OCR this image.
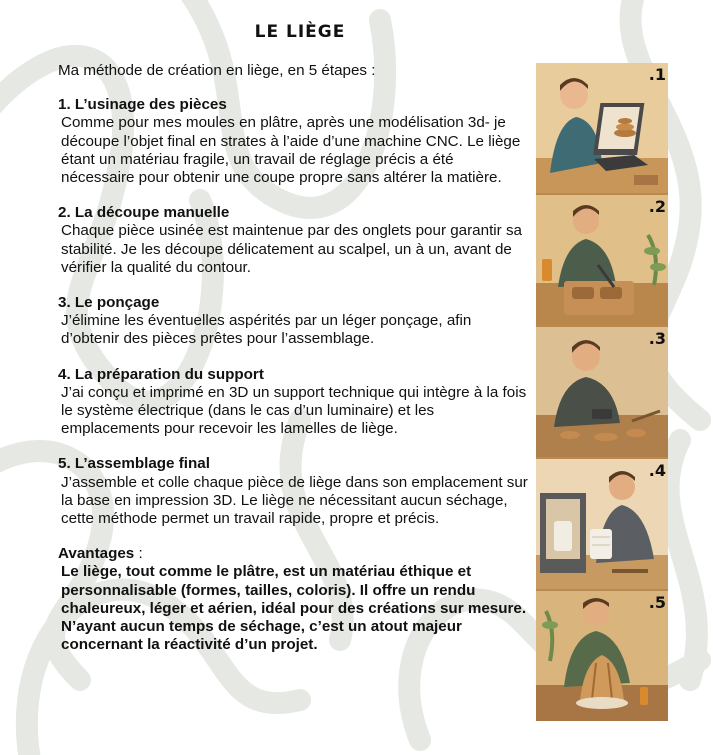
LE LIÈGE

Ma méthode de création en liège, en 5 étapes :

1. L’usinage des pièces
Comme pour mes moules en plâtre, après une modélisation 3d- je découpe l’objet final en strates à l’aide d’une machine CNC. Le liège étant un matériau fragile, un travail de réglage précis a été nécessaire pour obtenir une coupe propre sans altérer la matière.
2. La découpe manuelle
Chaque pièce usinée est maintenue par des onglets pour garantir sa stabilité. Je les découpe délicatement au scalpel, un à un, avant de vérifier la qualité du contour.
3. Le ponçage
J’élimine les éventuelles aspérités par un léger ponçage, afin d’obtenir des pièces prêtes pour l’assemblage.
4. La préparation du support
J’ai conçu et imprimé en 3D un support technique qui intègre à la fois le système électrique (dans le cas d’un luminaire) et les emplacements pour recevoir les lamelles de liège.
5. L’assemblage final
J’assemble et colle chaque pièce de liège dans son emplacement sur la base en impression 3D. Le liège ne nécessitant aucun séchage, cette méthode permet un travail rapide, propre et précis.
Avantages :
Le liège, tout comme le plâtre, est un matériau éthique et personnalisable (formes, tailles, coloris). Il offre un rendu chaleureux, léger et aérien, idéal pour des créations sur mesure. N’ayant aucun temps de séchage, c’est un atout majeur concernant la réactivité d’un projet.
.1
.2
.3
.4
.5
